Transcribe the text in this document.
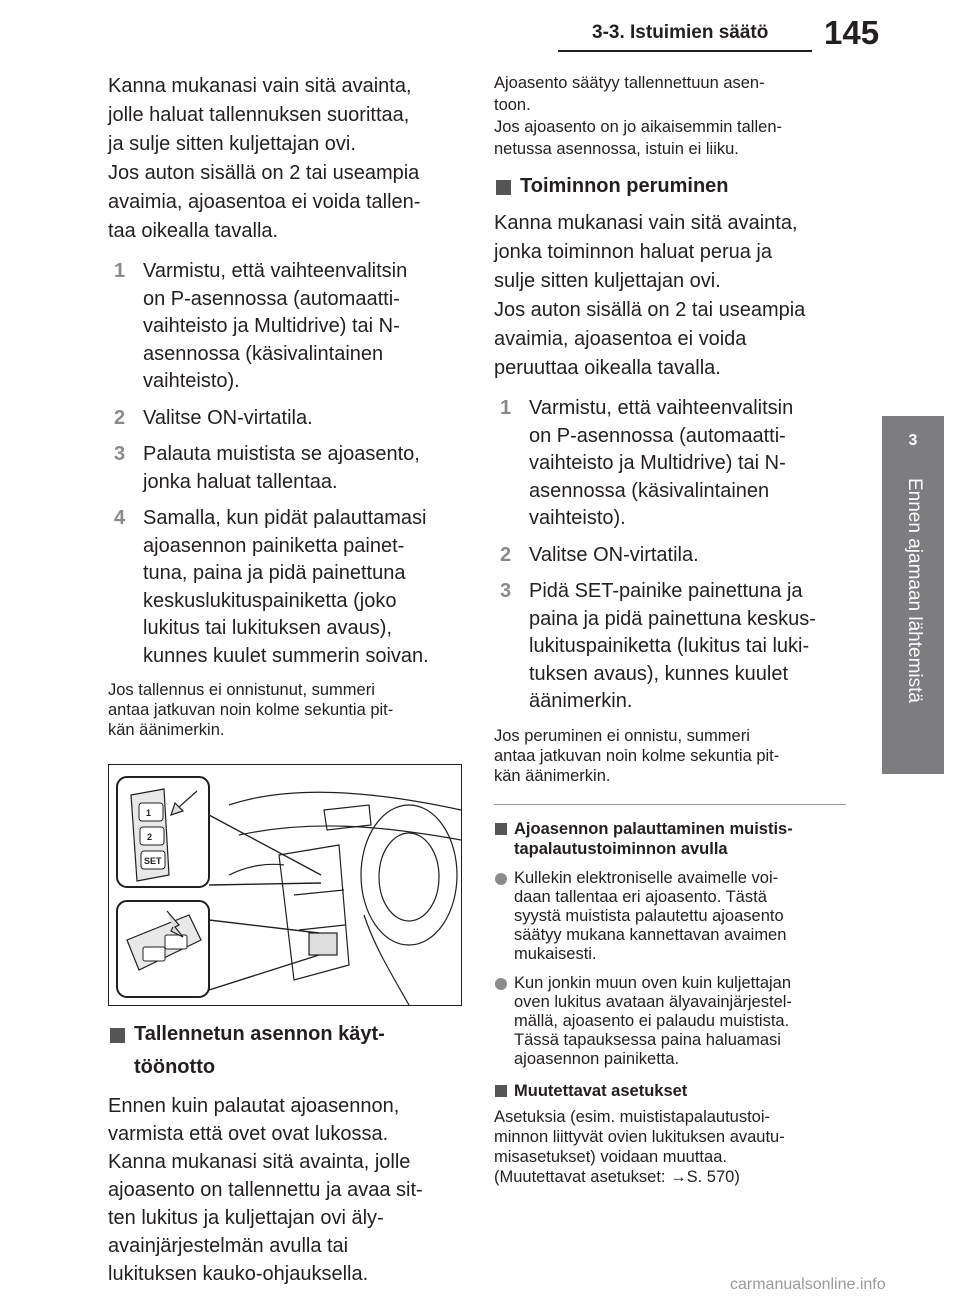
3-3. Istuimien säätö 145
3
Ennen ajamaan lähtemistä

Kanna mukanasi vain sitä avainta,

jolle haluat tallennuksen suorittaa,

ja sulje sitten kuljettajan ovi.

Jos auton sisällä on 2 tai useampia

avaimia, ajoasentoa ei voida tallen-

taa oikealla tavalla.

1 Varmistu, että vaihteenvalitsin
on P-asennossa (automaatti-
vaihteisto ja Multidrive) tai N-
asennossa (käsivalintainen
vaihteisto).
2 Valitse ON-virtatila.
3 Palauta muistista se ajoasento,
jonka haluat tallentaa.
4 Samalla, kun pidät palauttamasi
ajoasennon painiketta painet-
tuna, paina ja pidä painettuna
keskuslukituspainiketta (joko
lukitus tai lukituksen avaus),
kunnes kuulet summerin soivan.

Jos tallennus ei onnistunut, summeri

antaa jatkuvan noin kolme sekuntia pit-

kän äänimerkin.

1
2
SET
Tallennetun asennon käyt-
töönotto

Ennen kuin palautat ajoasennon,

varmista että ovet ovat lukossa.

Kanna mukanasi sitä avainta, jolle

ajoasento on tallennettu ja avaa sit-

ten lukitus ja kuljettajan ovi äly-

avainjärjestelmän avulla tai

lukituksen kauko-ohjauksella.

Ajoasento säätyy tallennettuun asen-

toon.

Jos ajoasento on jo aikaisemmin tallen-

netussa asennossa, istuin ei liiku.

Toiminnon peruminen

Kanna mukanasi vain sitä avainta,

jonka toiminnon haluat perua ja

sulje sitten kuljettajan ovi.

Jos auton sisällä on 2 tai useampia

avaimia, ajoasentoa ei voida

peruuttaa oikealla tavalla.

1 Varmistu, että vaihteenvalitsin
on P-asennossa (automaatti-
vaihteisto ja Multidrive) tai N-
asennossa (käsivalintainen
vaihteisto).
2 Valitse ON-virtatila.
3 Pidä SET-painike painettuna ja
paina ja pidä painettuna keskus-
lukituspainiketta (lukitus tai luki-
tuksen avaus), kunnes kuulet
äänimerkin.

Jos peruminen ei onnistu, summeri

antaa jatkuvan noin kolme sekuntia pit-

kän äänimerkin.

Ajoasennon palauttaminen muistis-
tapalautustoiminnon avulla
Kullekin elektroniselle avaimelle voi-
daan tallentaa eri ajoasento. Tästä
syystä muistista palautettu ajoasento
säätyy mukana kannettavan avaimen
mukaisesti.
Kun jonkin muun oven kuin kuljettajan
oven lukitus avataan älyavainjärjestel-
mällä, ajoasento ei palaudu muistista.
Tässä tapauksessa paina haluamasi
ajoasennon painiketta.
Muutettavat asetukset

Asetuksia (esim. muististapalautustoi-

minnon liittyvät ovien lukituksen avautu-

misasetukset) voidaan muuttaa.

(Muutettavat asetukset: →S. 570)

carmanualsonline.info
